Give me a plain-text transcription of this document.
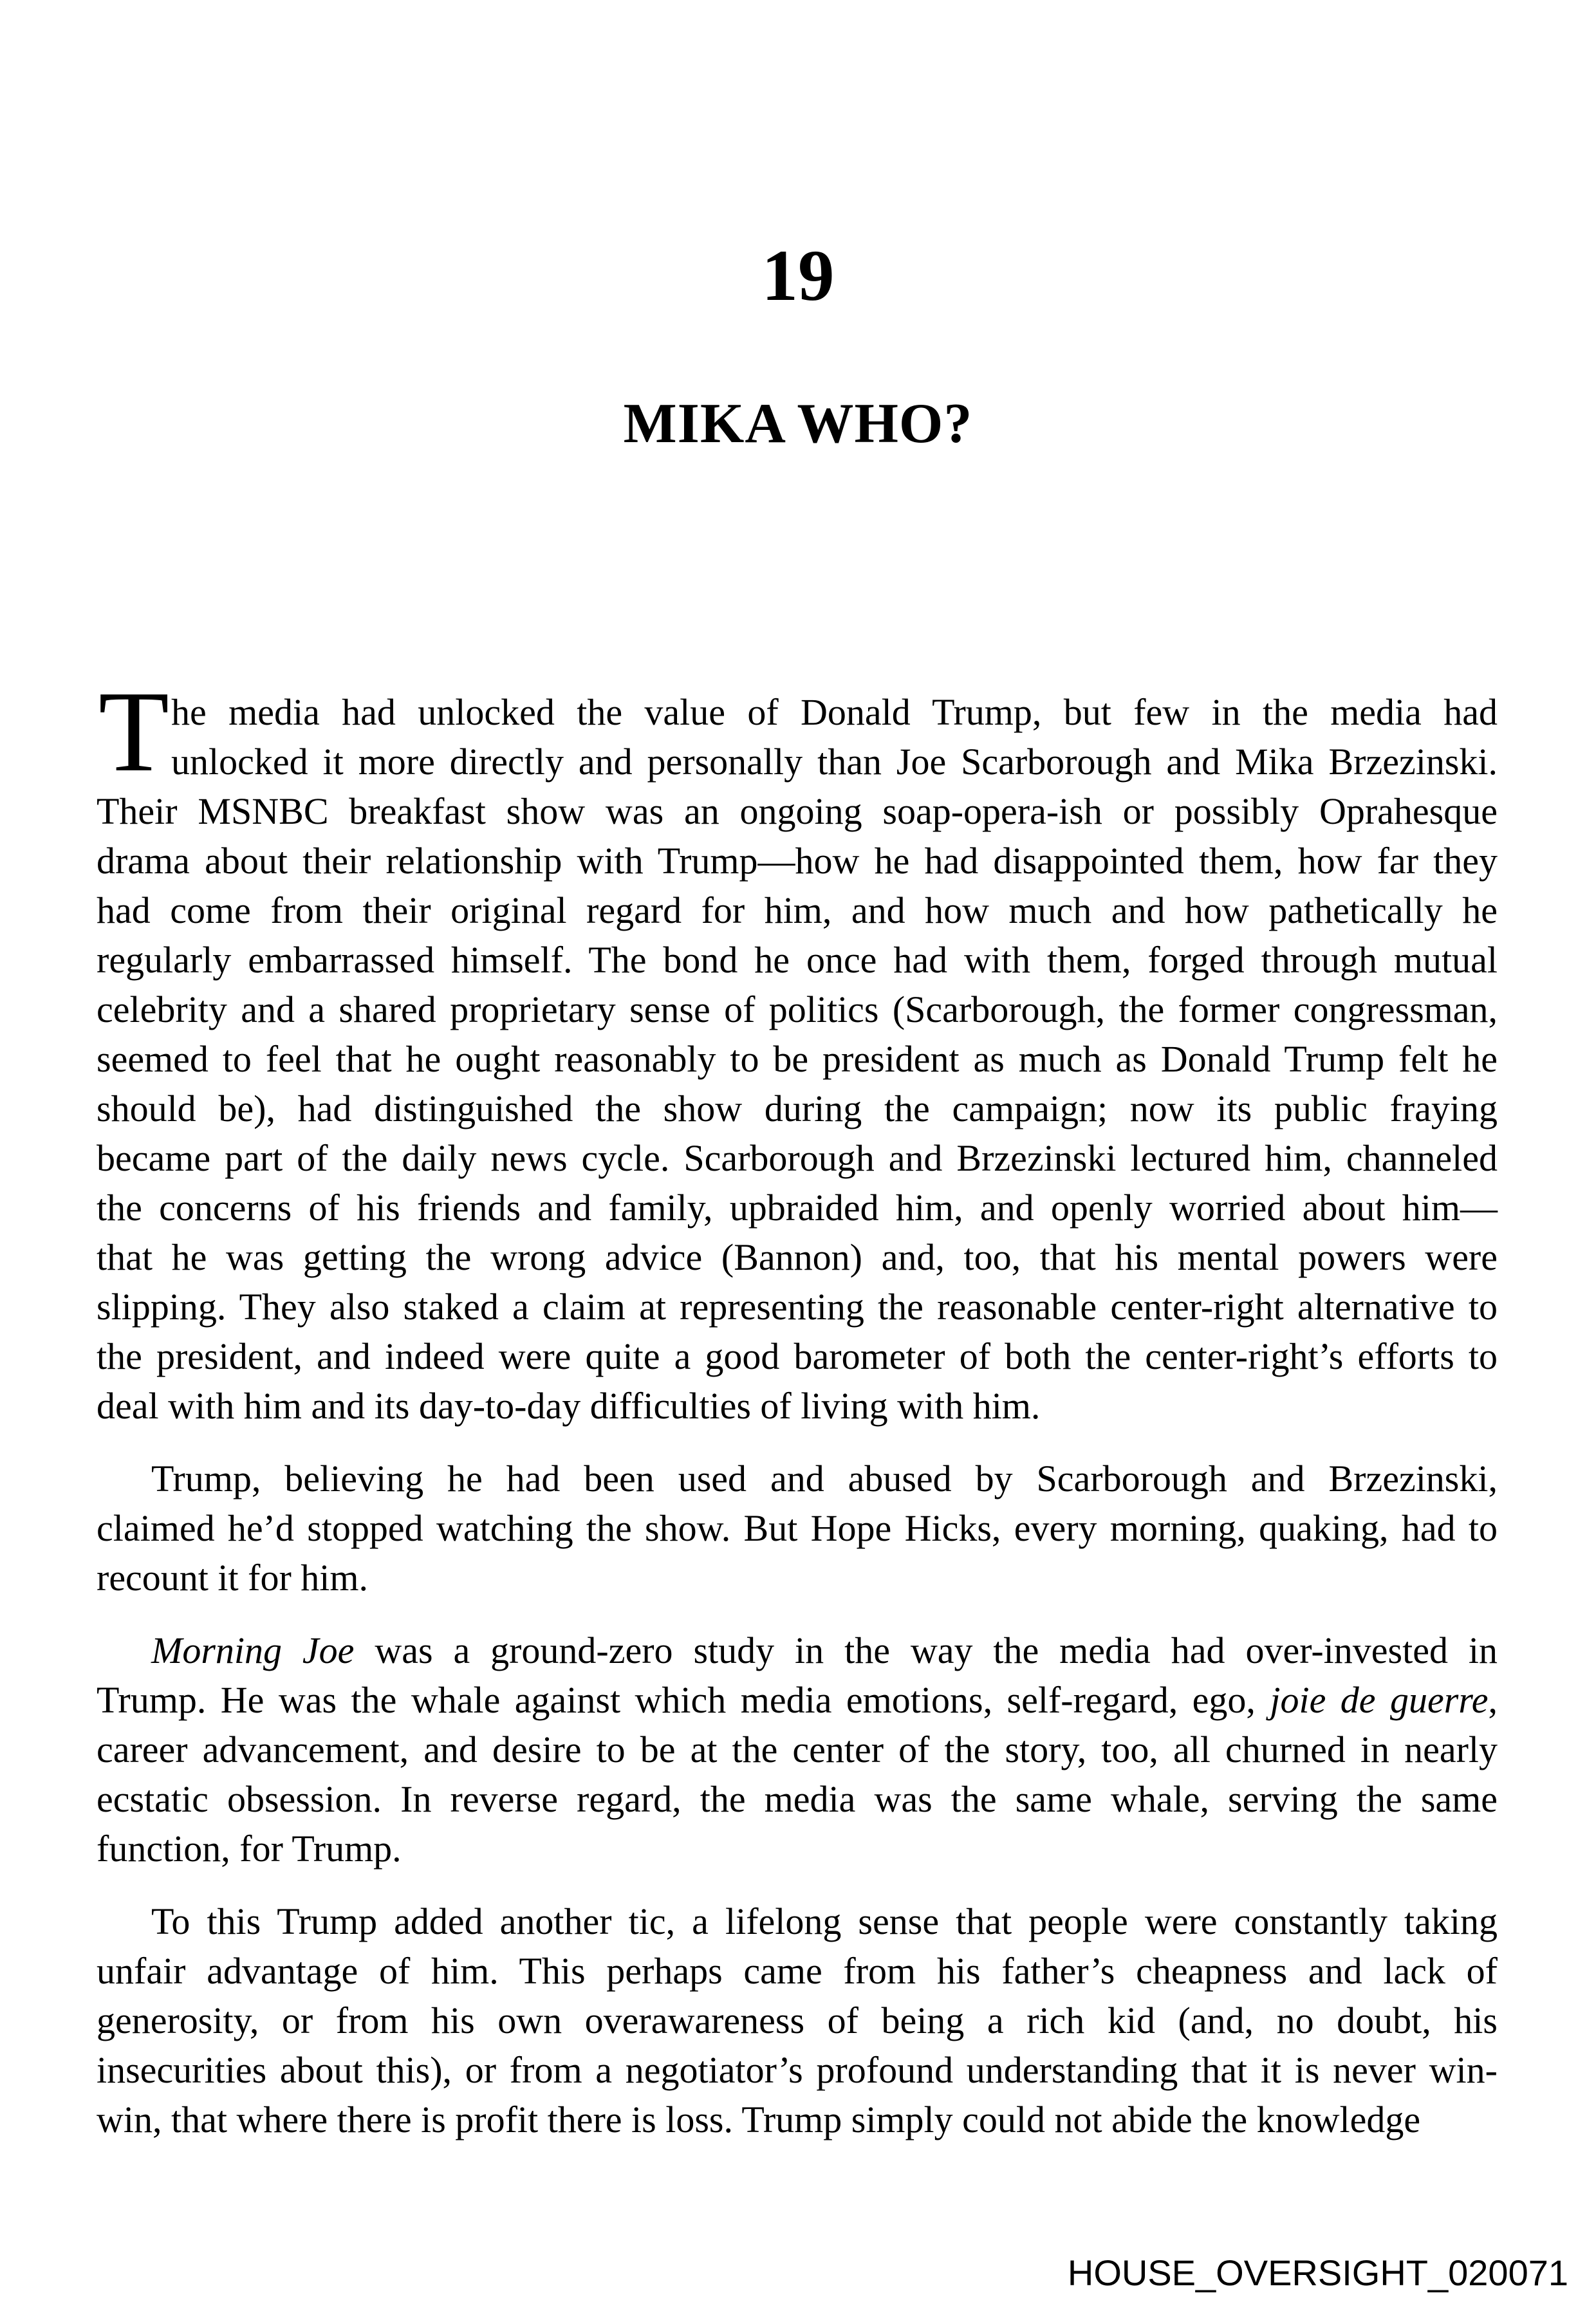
19
MIKA WHO?
T he media had unlocked the value of Donald Trump, but few in the media had
unlocked it more directly and personally than Joe Scarborough and Mika Brzezinski.
Their MSNBC breakfast show was an ongoing soap-opera-ish or possibly Oprahesque
drama about their relationship with Trump—how he had disappointed them, how far they
had come from their original regard for him, and how much and how pathetically he
regularly embarrassed himself. The bond he once had with them, forged through mutual
celebrity and a shared proprietary sense of politics (Scarborough, the former congressman,
seemed to feel that he ought reasonably to be president as much as Donald Trump felt he
should be), had distinguished the show during the campaign; now its public fraying
became part of the daily news cycle. Scarborough and Brzezinski lectured him, channeled
the concerns of his friends and family, upbraided him, and openly worried about him—
that he was getting the wrong advice (Bannon) and, too, that his mental powers were
slipping. They also staked a claim at representing the reasonable center-right alternative to
the president, and indeed were quite a good barometer of both the center-right’s efforts to
deal with him and its day-to-day difficulties of living with him.
Trump, believing he had been used and abused by Scarborough and Brzezinski,
claimed he’d stopped watching the show. But Hope Hicks, every morning, quaking, had to
recount it for him.
Morning Joe was a ground-zero study in the way the media had over-invested in
Trump. He was the whale against which media emotions, self-regard, ego, joie de guerre,
career advancement, and desire to be at the center of the story, too, all churned in nearly
ecstatic obsession. In reverse regard, the media was the same whale, serving the same
function, for Trump.
To this Trump added another tic, a lifelong sense that people were constantly taking
unfair advantage of him. This perhaps came from his father’s cheapness and lack of
generosity, or from his own overawareness of being a rich kid (and, no doubt, his
insecurities about this), or from a negotiator’s profound understanding that it is never win-
win, that where there is profit there is loss. Trump simply could not abide the knowledge
HOUSE_OVERSIGHT_020071
